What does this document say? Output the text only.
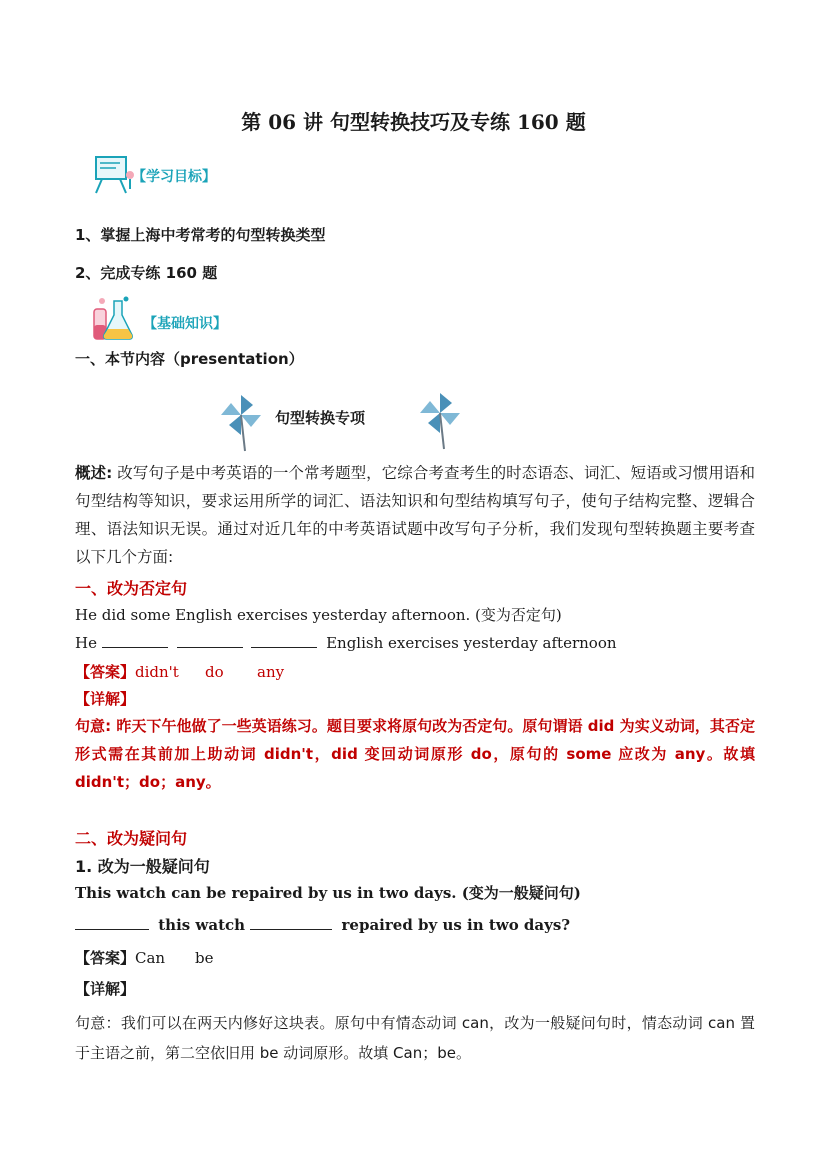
第 06 讲 句型转换技巧及专练 160 题
【学习目标】
1、掌握上海中考常考的句型转换类型
2、完成专练 160 题
【基础知识】
一、本节内容（presentation）
句型转换专项
概述: 改写句子是中考英语的一个常考题型，它综合考查考生的时态语态、词汇、短语或习惯用语和句型结构等知识，要求运用所学的词汇、语法知识和句型结构填写句子，使句子结构完整、逻辑合理、语法知识无误。通过对近几年的中考英语试题中改写句子分析，我们发现句型转换题主要考查以下几个方面:
一、改为否定句
He did some English exercises yesterday afternoon. (变为否定句)
He	English exercises yesterday afternoon
【答案】didn't do any
【详解】
句意: 昨天下午他做了一些英语练习。题目要求将原句改为否定句。原句谓语 did 为实义动词，其否定形式需在其前加上助动词 didn't，did 变回动词原形 do，原句的 some 应改为 any。故填 didn't；do；any。
二、改为疑问句
1. 改为一般疑问句
This watch can be repaired by us in two days. (变为一般疑问句)
this watch	repaired by us in two days?
【答案】Can be
【详解】
句意：我们可以在两天内修好这块表。原句中有情态动词 can，改为一般疑问句时，情态动词 can 置于主语之前，第二空依旧用 be 动词原形。故填 Can；be。
